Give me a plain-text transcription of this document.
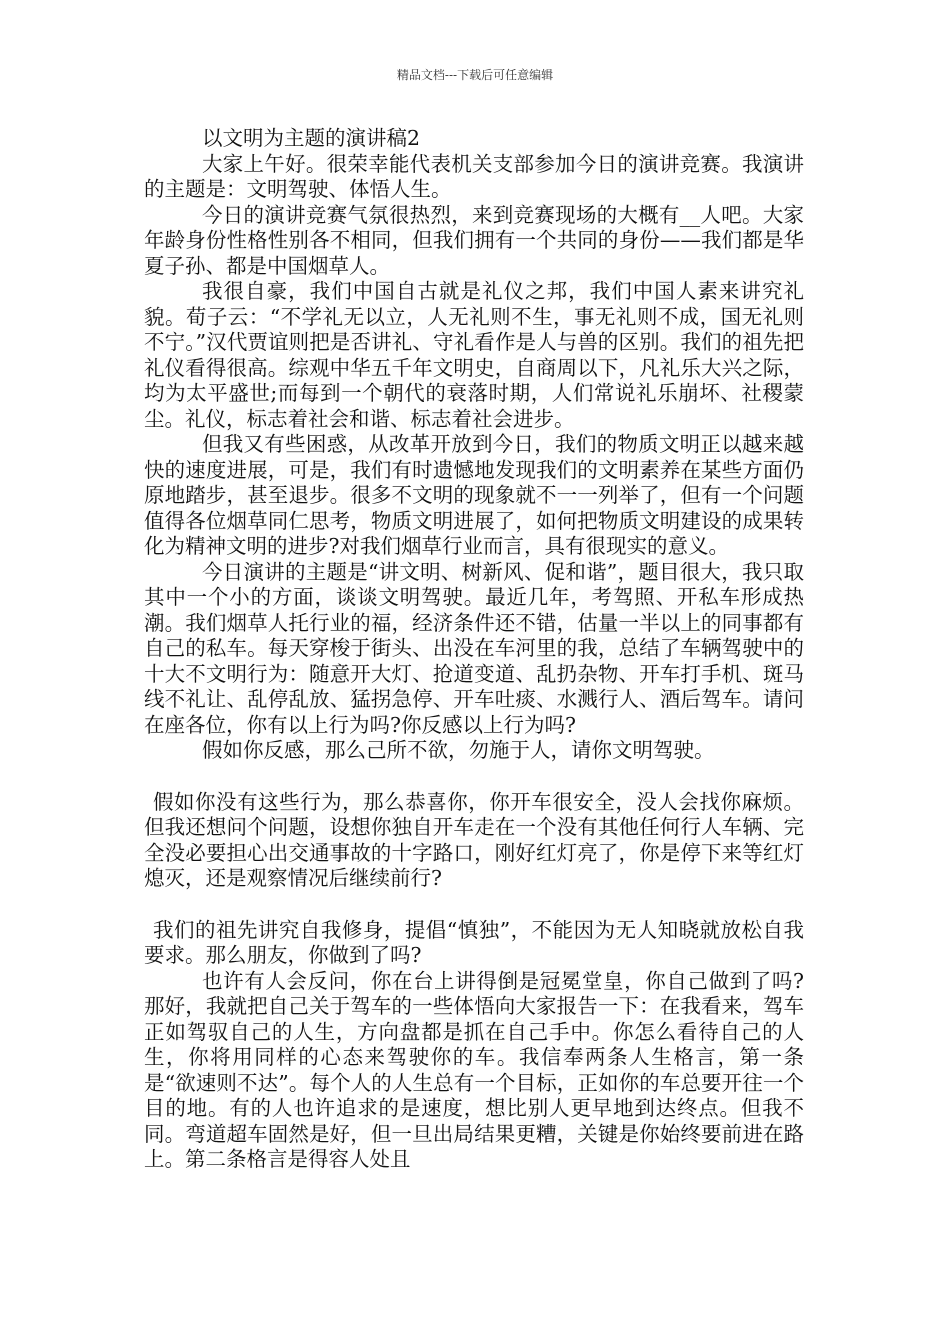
精品文档---下载后可任意编辑

以文明为主题的演讲稿2

大家上午好。很荣幸能代表机关支部参加今日的演讲竞赛。我演讲的主题是：文明驾驶、体悟人生。

今日的演讲竞赛气氛很热烈，来到竞赛现场的大概有__人吧。大家年龄身份性格性别各不相同，但我们拥有一个共同的身份——我们都是华夏子孙、都是中国烟草人。

我很自豪，我们中国自古就是礼仪之邦，我们中国人素来讲究礼貌。荀子云：“不学礼无以立，人无礼则不生，事无礼则不成，国无礼则不宁。”汉代贾谊则把是否讲礼、守礼看作是人与兽的区别。我们的祖先把礼仪看得很高。综观中华五千年文明史，自商周以下，凡礼乐大兴之际，均为太平盛世;而每到一个朝代的衰落时期，人们常说礼乐崩坏、社稷蒙尘。礼仪，标志着社会和谐、标志着社会进步。

但我又有些困惑，从改革开放到今日，我们的物质文明正以越来越快的速度进展，可是，我们有时遗憾地发现我们的文明素养在某些方面仍原地踏步，甚至退步。很多不文明的现象就不一一列举了，但有一个问题值得各位烟草同仁思考，物质文明进展了，如何把物质文明建设的成果转化为精神文明的进步?对我们烟草行业而言，具有很现实的意义。

今日演讲的主题是“讲文明、树新风、促和谐”，题目很大，我只取其中一个小的方面，谈谈文明驾驶。最近几年，考驾照、开私车形成热潮。我们烟草人托行业的福，经济条件还不错，估量一半以上的同事都有自己的私车。每天穿梭于街头、出没在车河里的我，总结了车辆驾驶中的十大不文明行为：随意开大灯、抢道变道、乱扔杂物、开车打手机、斑马线不礼让、乱停乱放、猛拐急停、开车吐痰、水溅行人、酒后驾车。请问在座各位，你有以上行为吗?你反感以上行为吗?

假如你反感，那么己所不欲，勿施于人，请你文明驾驶。

假如你没有这些行为，那么恭喜你，你开车很安全，没人会找你麻烦。但我还想问个问题，设想你独自开车走在一个没有其他任何行人车辆、完全没必要担心出交通事故的十字路口，刚好红灯亮了，你是停下来等红灯熄灭，还是观察情况后继续前行?

我们的祖先讲究自我修身，提倡“慎独”，不能因为无人知晓就放松自我要求。那么朋友，你做到了吗?

也许有人会反问，你在台上讲得倒是冠冕堂皇，你自己做到了吗?那好，我就把自己关于驾车的一些体悟向大家报告一下：在我看来，驾车正如驾驭自己的人生，方向盘都是抓在自己手中。你怎么看待自己的人生，你将用同样的心态来驾驶你的车。我信奉两条人生格言，第一条是“欲速则不达”。每个人的人生总有一个目标，正如你的车总要开往一个目的地。有的人也许追求的是速度，想比别人更早地到达终点。但我不同。弯道超车固然是好，但一旦出局结果更糟，关键是你始终要前进在路上。第二条格言是得容人处且
